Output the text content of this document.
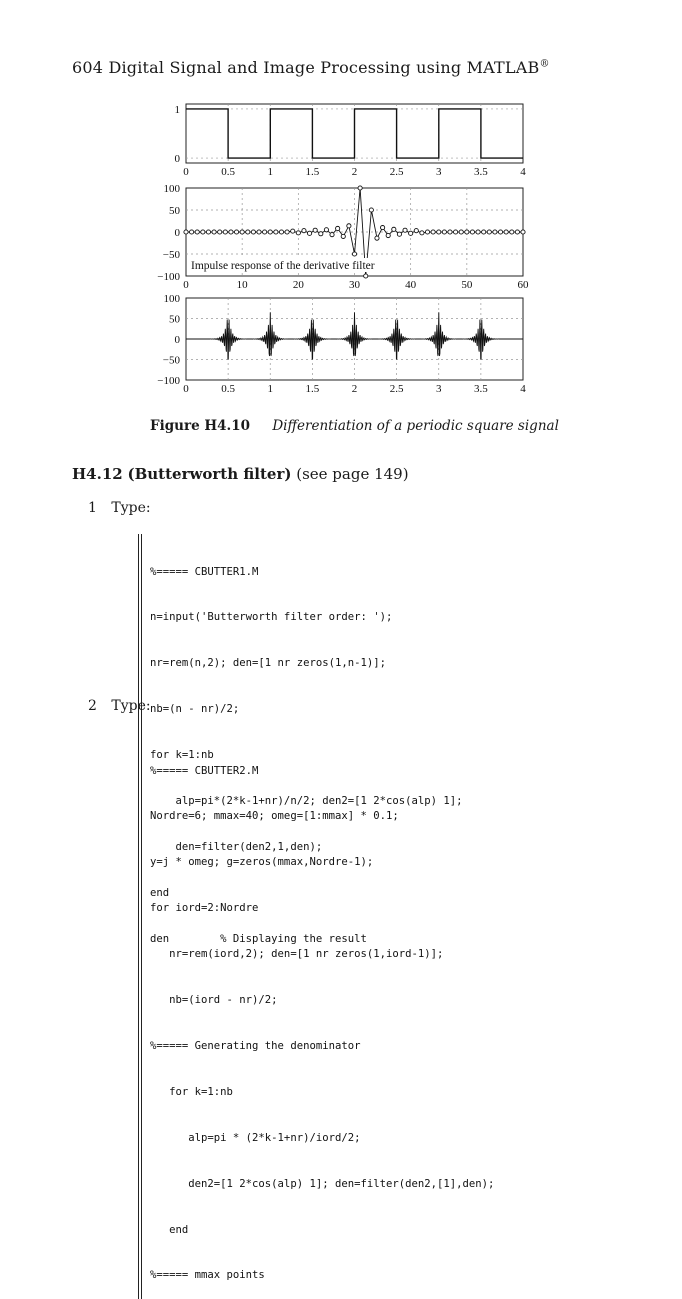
604 Digital Signal and Image Processing using MATLAB®
0	0.5	1	1.5	2	2.5	3	3.5	4
1
0
0	10	20	30	40	50	60
100
50
0
−50
−100
Impulse response of the derivative filter
0	0.5	1	1.5	2	2.5	3	3.5	4
100
50
0
−50
−100
Figure H4.10 Differentiation of a periodic square signal
H4.12 (Butterworth filter) (see page 149)
1 Type:

%===== CBUTTER1.M

n=input('Butterworth filter order: ');

nr=rem(n,2); den=[1 nr zeros(1,n-1)];

nb=(n - nr)/2;

for k=1:nb

alp=pi*(2*k-1+nr)/n/2; den2=[1 2*cos(alp) 1];

den=filter(den2,1,den);

end

den        % Displaying the result

2 Type:

%===== CBUTTER2.M

Nordre=6; mmax=40; omeg=[1:mmax] * 0.1;

y=j * omeg; g=zeros(mmax,Nordre-1);

for iord=2:Nordre

nr=rem(iord,2); den=[1 nr zeros(1,iord-1)];

nb=(iord - nr)/2;

%===== Generating the denominator

for k=1:nb

alp=pi * (2*k-1+nr)/iord/2;

den2=[1 2*cos(alp) 1]; den=filter(den2,[1],den);

end

%===== mmax points
